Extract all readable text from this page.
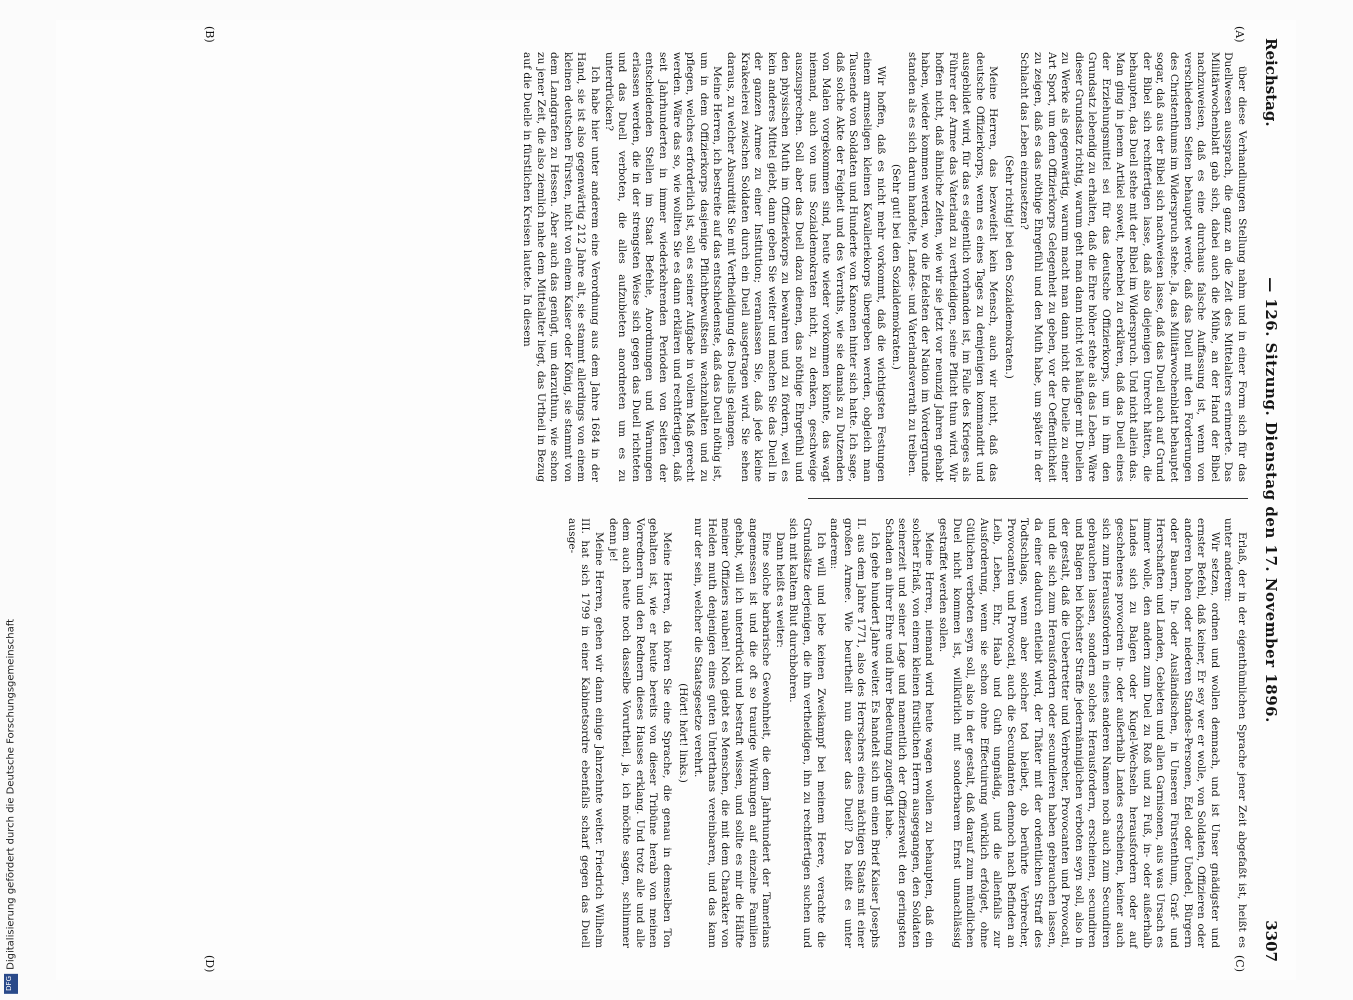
Reichstag.
— 126. Sitzung. Dienstag den 17. November 1896.
3307
(A)
(B)
(C)
(D)

über diese Verhandlungen Stellung nahm und in einer Form sich für das Duellwesen aussprach, die ganz an die Zeit des Mittelalters erinnerte. Das Militärwochenblatt gab sich, dabei auch die Mühe, an der Hand der Bibel nachzuweisen, daß es eine durchaus falsche Auffassung ist, wenn von verschiedenen Seiten behauptet werde, daß das Duell mit den Forderungen des Christenthums im Widerspruch stehe. Ja, das Militärwochenblatt behauptet sogar, daß aus der Bibel sich nachweisen lasse, daß das Duell auch auf Grund der Bibel sich rechtfertigen lasse, daß also diejenigen Unrecht hätten, die behaupten, das Duell stehe mit der Bibel im Widerspruch. Und nicht allein das. Man ging in jenem Artikel soweit, nebenbei zu erklären, daß das Duell eines der Erziehungsmittel sei für das deutsche Offizierkorps, um in ihm den Grundsatz lebendig zu erhalten, daß die Ehre höher stehe als das Leben. Wäre dieser Grundsatz richtig, warum geht man dann nicht viel häufiger mit Duellen zu Werke als gegenwärtig, warum macht man dann nicht die Duelle zu einer Art Sport, um dem Offizierkorps Gelegenheit zu geben, vor der Oeffentlichkeit zu zeigen, daß es das nöthige Ehrgefühl und den Muth habe, um später in der Schlacht das Leben einzusetzen?

(Sehr richtig! bei den Sozialdemokraten.)

Meine Herren, das bezweifelt kein Mensch, auch wir nicht, daß das deutsche Offizierkorps, wenn es eines Tages zu demjenigen kommandirt und ausgebildet wird, für das es eigentlich vorhanden ist, im Falle des Krieges als Führer der Armee das Vaterland zu vertheidigen, seine Pflicht thun wird. Wir hoffen nicht, daß ähnliche Zeiten, wie wir sie jetzt vor neunzig Jahren gehabt haben, wieder kommen werden, wo die Edelsten der Nation im Vordergrunde standen als es sich darum handelte, Landes- und Vaterlandsverrath zu treiben.

(Sehr gut! bei den Sozialdemokraten.)

Wir hoffen, daß es nicht mehr vorkommt, daß die wichtigsten Festungen einem armseligen kleinen Kavalleriekorps übergeben werden, obgleich man Tausende von Soldaten und Hunderte von Kanonen hinter sich hatte. Ich sage, daß solche Akte der Feigheit und des Verraths, wie sie damals zu Dutzenden von Malen vorgekommen sind, heute wieder vorkommen könnte, das wagt niemand, auch von uns Sozialdemokraten nicht, zu denken, geschweige auszusprechen. Soll aber das Duell dazu dienen, das nöthige Ehrgefühl und den physischen Muth im Offizierkorps zu bewahren und zu fördern, weil es kein anderes Mittel giebt, dann geben Sie weiter und machen Sie das Duell in der ganzen Armee zu einer Institution; veranlassen Sie, daß jede kleine Krakeelerei zwischen Soldaten durch ein Duell ausgetragen wird. Sie sehen daraus, zu welcher Absurdität Sie mit Vertheidigung des Duells gelangen.

Meine Herren, ich bestreite auf das entschiedenste, daß das Duell nöthig ist, um in dem Offizierkorps dasjenige Pflichtbewußtsein wachzuhalten und zu pflegen, welches erforderlich ist, soll es seiner Aufgabe in vollem Maß gerecht werden. Wäre das so, wie wollten Sie es dann erklären und rechtfertigen, daß seit Jahrhunderten in immer wiederkehrenden Perioden von Seiten der entscheidenden Stellen im Staat Befehle, Anordnungen und Warnungen erlassen werden, die in der strengsten Weise sich gegen das Duell richteten und das Duell verboten, die alles aufzubieten anordneten um es zu unterdrücken?

Ich habe hier unter anderem eine Verordnung aus dem Jahre 1684 in der Hand, sie ist also gegenwärtig 212 Jahre alt, sie stammt allerdings von einem kleinen deutschen Fürsten, nicht von einem Kaiser oder König, sie stammt von dem Landgrafen zu Hessen. Aber auch das genügt, um darzuthun, wie schon zu jener Zeit, die also ziemlich nahe dem Mittelalter liegt, das Urtheil in Bezug auf die Duelle in fürstlichen Kreisen lautete. In diesem

Erlaß, der in der eigenthümlichen Sprache jener Zeit abgefaßt ist, heißt es unter anderem:

Wir setzen, ordnen und wollen demnach, und ist Unser gnädigster und ernster Befehl, daß keiner, Er sey wer er wolle, von Soldaten, Offizieren oder anderen hohen oder niederen Standes-Personen, Edel oder Unedel, Bürgern oder Bauern, In- oder Ausländischen, in Unseren Fürstenthum, Graf- und Herrschaften und Landen, Gebieten und allen Garnisonen, aus was Ursach es immer wolle, den andern zum Duel zu Roß und zu Fuß, in- oder außerhalb Landes sich zu Balgen oder Kugel-Wechseln herausfordern oder auf geschehenes provociren in- oder außerhalb Landes erscheinen, keiner auch sich zum Heraussfordern in eines anderen Namen noch auch zum Secundiren gebrauchen lassen, sondern solches Herausfordern, erscheinen, secundiren und Balgen bei höchster Straffe jedermänniglichen verboten seyn soll, also in der gestalt, daß die Uebertretter und Verbrecher, Provocanten und Provocati, und die sich zum Herausfordern oder secundieren haben gebrauchen lassen, da einer dadurch entleibt wird, der Thäter mit der ordentlichen Straff des Todtschlags, wenn aber solcher tod bleibet, ob berührte Verbrecher, Provocanten und Provocati, auch die Secundanten dennoch nach Befinden an Leib, Leben, Ehr, Haab und Guth ungnädig, und die allenfalls zur Ausforderung, wenn sie schon ohne Effectuirung würklich erfolget, ohne Gütlichen verboten seyn soll, also in der gestalt, daß darauf zum mündlichen Duel nicht kommen ist, willkürlich mit sonderbarem Ernst unnachlässig gestraffet werden sollen.

Meine Herren, niemand wird heute wagen wollen zu behaupten, daß ein solcher Erlaß, von einem kleinen fürstlichen Herrn ausgegangen, den Soldaten seinerzeit und seiner Lage und namentlich der Offizierswelt den geringsten Schaden an ihrer Ehre und ihrer Bedeutung zugefügt habe.

Ich gehe hundert Jahre weiter. Es handelt sich um einen Brief Kaiser Josephs II. aus dem Jahre 1771, also des Herrschers eines mächtigen Staats mit einer großen Armee. Wie beurtheilt nun dieser das Duell? Da heißt es unter anderem:

Ich will und lebe keinen Zweikampf bei meinem Heere, verachte die Grundsätze derjenigen, die ihn vertheidigen, ihn zu rechtfertigen suchen und sich mit kaltem Blut durchbohren.

Dann heißt es weiter:

Eine solche barbarische Gewohnheit, die dem Jahrhundert der Tamerlans angemessen ist und die oft so traurige Wirkungen auf einzelne Familien gehabt, will ich unterdrückt und bestraft wissen, und sollte es mir die Hälfte meiner Offiziers rauben! Noch giebt es Menschen, die mit dem Charakter von Helden muth denjenigen eines guten Unterthans vereinbaren, und das kann nur der sein, welcher die Staatsgesetze verehrt.

(Hört! hört! links.)

Meine Herren, da hören Sie eine Sprache, die genau in demselben Ton gehalten ist, wie er heute bereits von dieser Tribüne herab von meinen Vorrednern und den Rednern dieses Hauses erklang. Und trotz alle und alle dem auch heute noch dasselbe Vorurtheil, ja, ich möchte sagen, schlimmer denn je!

Meine Herren, gehen wir dann einige Jahrzehnte weiter. Friedrich Wilhelm III. hat sich 1799 in einer Kabinetsordre ebenfalls scharf gegen das Duell ausge-

DFG
Digitalisierung gefördert durch die Deutsche Forschungsgemeinschaft
